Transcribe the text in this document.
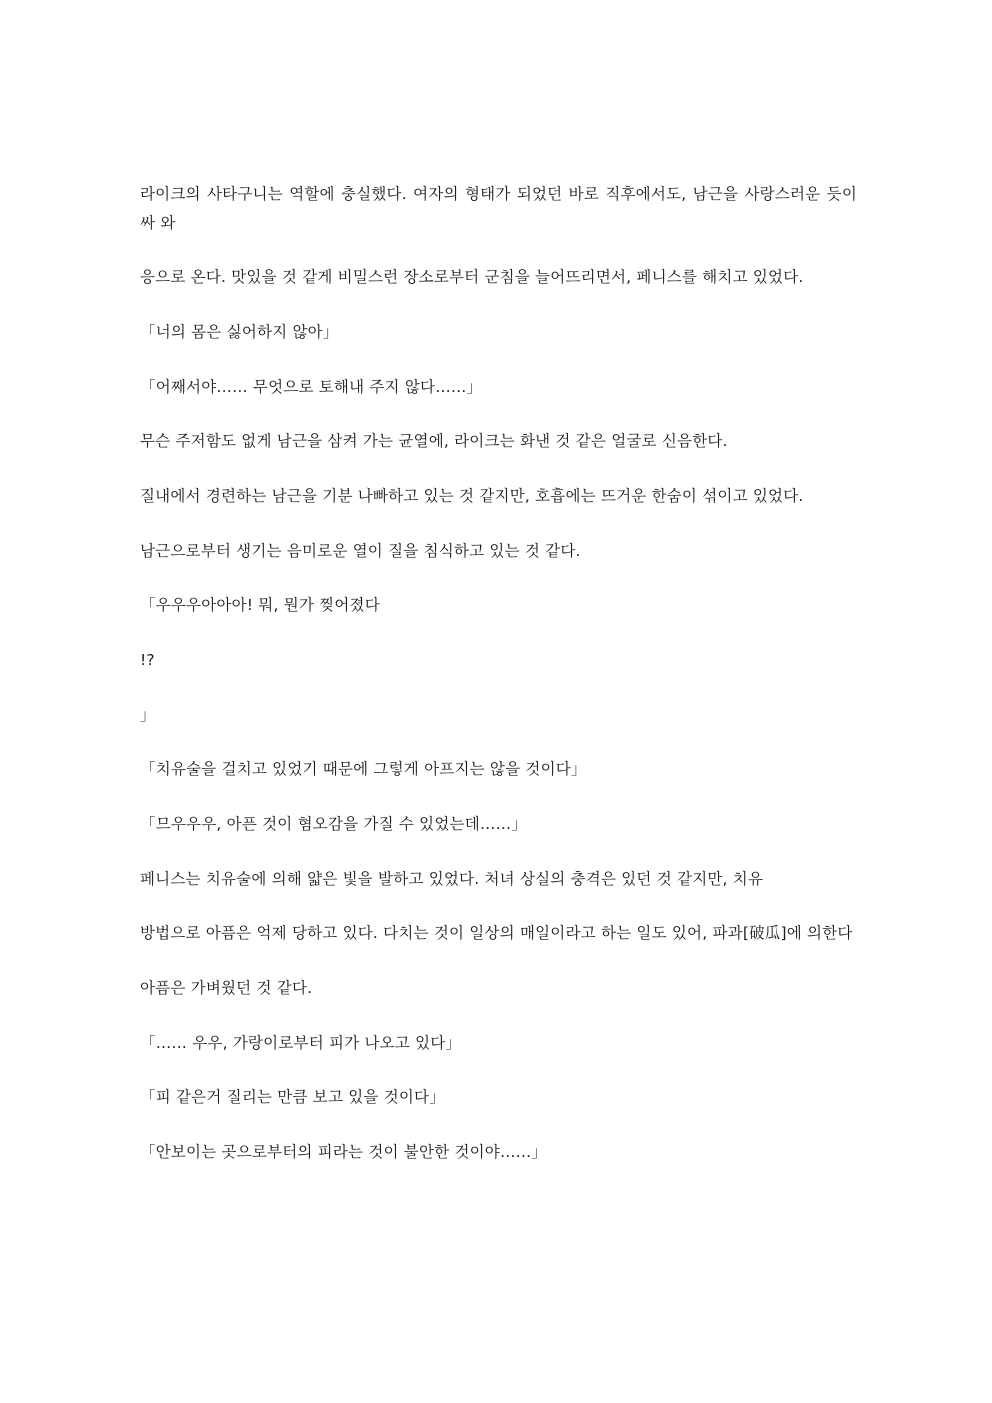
라이크의 사타구니는 역할에 충실했다. 여자의 형태가 되었던 바로 직후에서도, 남근을 사랑스러운 듯이 싸 와

응으로 온다. 맛있을 것 같게 비밀스런 장소로부터 군침을 늘어뜨리면서, 페니스를 해치고 있었다.

「너의 몸은 싫어하지 않아」

「어째서야…… 무엇으로 토해내 주지 않다……」

무슨 주저함도 없게 남근을 삼켜 가는 균열에, 라이크는 화낸 것 같은 얼굴로 신음한다.

질내에서 경련하는 남근을 기분 나빠하고 있는 것 같지만, 호흡에는 뜨거운 한숨이 섞이고 있었다.

남근으로부터 생기는 음미로운 열이 질을 침식하고 있는 것 같다.

「우우우아아아! 뭐, 뭔가 찢어졌다

!?

」

「치유술을 걸치고 있었기 때문에 그렇게 아프지는 않을 것이다」

「므우우우, 아픈 것이 혐오감을 가질 수 있었는데……」

페니스는 치유술에 의해 얇은 빛을 발하고 있었다. 처녀 상실의 충격은 있던 것 같지만, 치유

방법으로 아픔은 억제 당하고 있다. 다치는 것이 일상의 매일이라고 하는 일도 있어, 파과[破瓜]에 의한다

아픔은 가벼웠던 것 같다.

「…… 우우, 가랑이로부터 피가 나오고 있다」

「피 같은거 질리는 만큼 보고 있을 것이다」

「안보이는 곳으로부터의 피라는 것이 불안한 것이야……」
